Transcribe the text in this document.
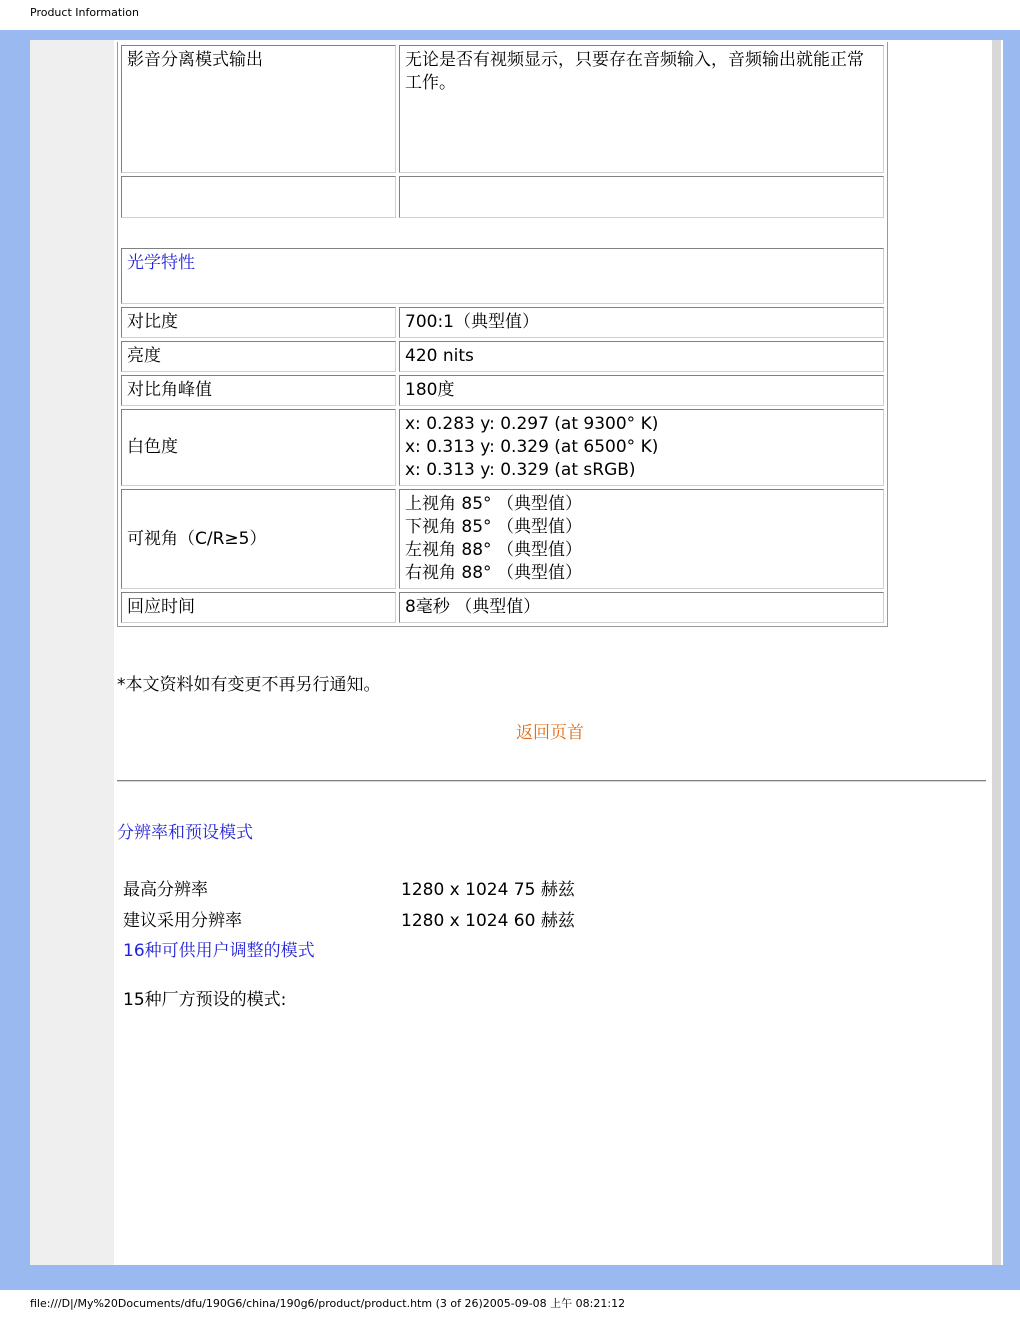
Product Information
影音分离模式输出	无论是否有视频显示，只要存在音频输入，音频输出就能正常工作。

光学特性	
对比度	700:1（典型值）

亮度	420 nits

对比角峰值	180度

白色度	x: 0.283 y: 0.297 (at 9300° K)
x: 0.313 y: 0.329 (at 6500° K)
x: 0.313 y: 0.329 (at sRGB)

可视角（C/R≥5）	上视角 85° （典型值）
下视角 85° （典型值）
左视角 88° （典型值）
右视角 88° （典型值）

回应时间	8毫秒 （典型值）
*本文资料如有变更不再另行通知。
返回页首
分辨率和预设模式
最高分辨率	1280 x 1024 75 赫兹
建议采用分辨率	1280 x 1024 60 赫兹
16种可供用户调整的模式
15种厂方预设的模式:
file:///D|/My%20Documents/dfu/190G6/china/190g6/product/product.htm (3 of 26)2005-09-08 上午 08:21:12
